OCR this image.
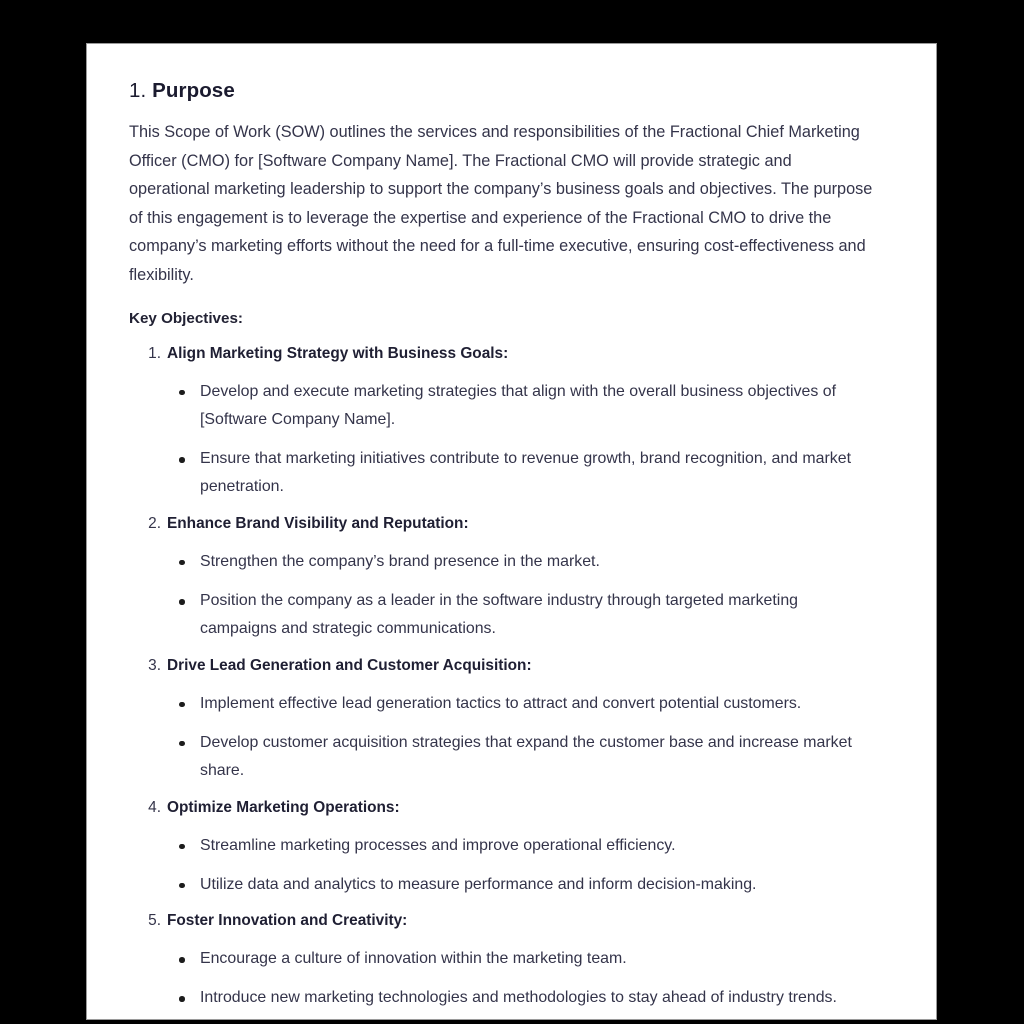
1. Purpose

This Scope of Work (SOW) outlines the services and responsibilities of the Fractional Chief Marketing Officer (CMO) for [Software Company Name]. The Fractional CMO will provide strategic and operational marketing leadership to support the company’s business goals and objectives. The purpose of this engagement is to leverage the expertise and experience of the Fractional CMO to drive the company’s marketing efforts without the need for a full-time executive, ensuring cost-effectiveness and flexibility.

Key Objectives:
Align Marketing Strategy with Business Goals:
Develop and execute marketing strategies that align with the overall business objectives of [Software Company Name].
Ensure that marketing initiatives contribute to revenue growth, brand recognition, and market penetration.
Enhance Brand Visibility and Reputation:
Strengthen the company’s brand presence in the market.
Position the company as a leader in the software industry through targeted marketing campaigns and strategic communications.
Drive Lead Generation and Customer Acquisition:
Implement effective lead generation tactics to attract and convert potential customers.
Develop customer acquisition strategies that expand the customer base and increase market share.
Optimize Marketing Operations:
Streamline marketing processes and improve operational efficiency.
Utilize data and analytics to measure performance and inform decision-making.
Foster Innovation and Creativity:
Encourage a culture of innovation within the marketing team.
Introduce new marketing technologies and methodologies to stay ahead of industry trends.
